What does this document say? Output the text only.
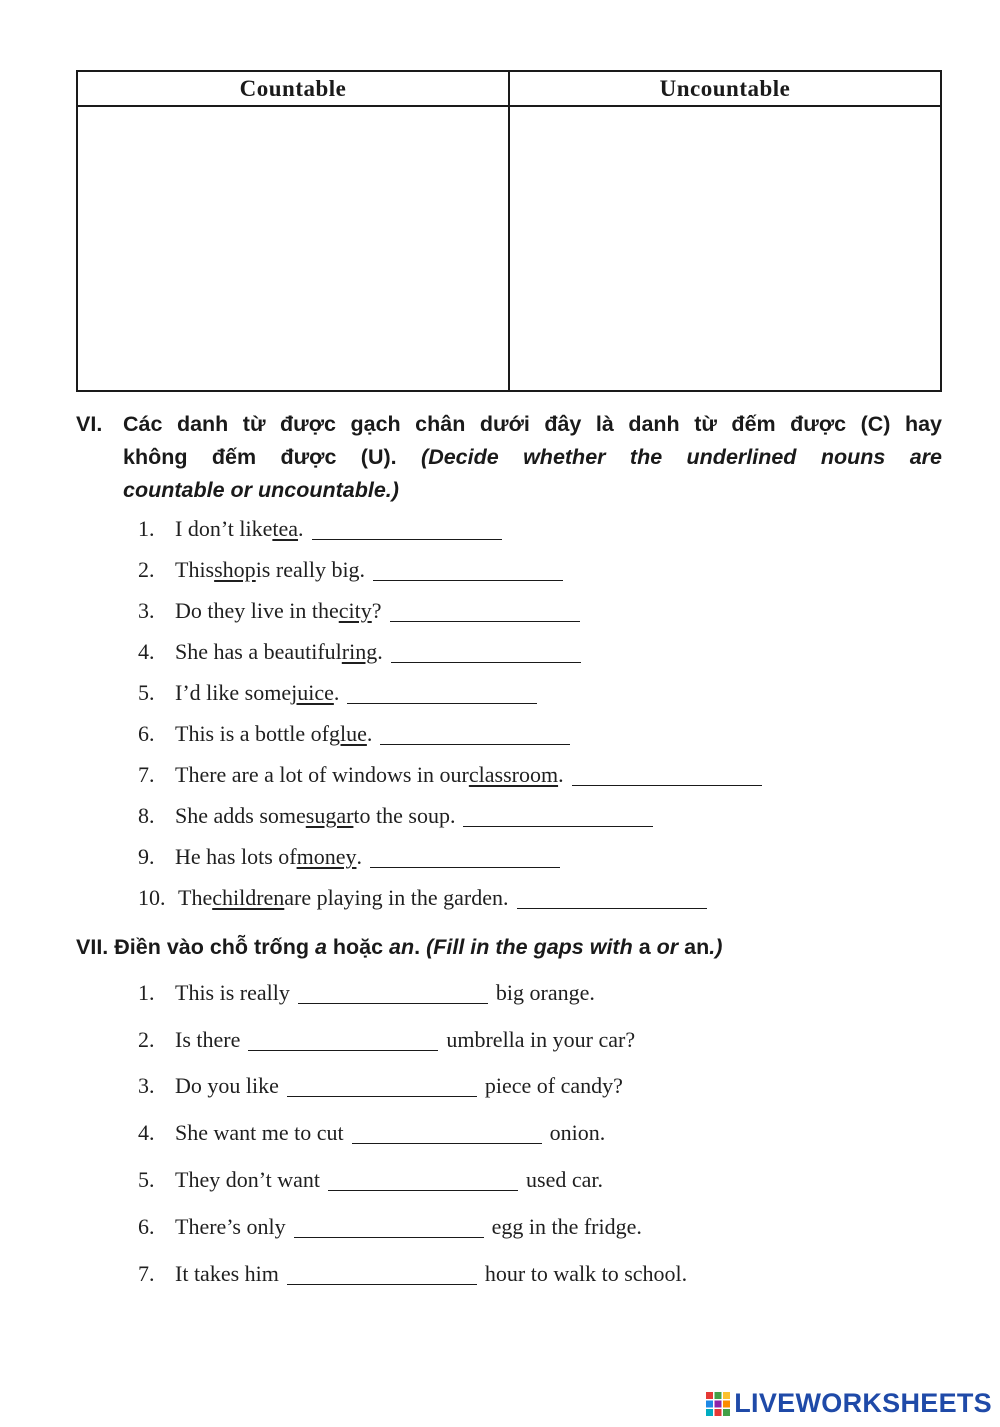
Countable	Uncountable
VI. Các danh từ được gạch chân dưới đây là danh từ đếm được (C) hay
không đếm được (U). (Decide whether the underlined nouns are
countable or uncountable.)
1. I don’t like tea .
2. This shop is really big.
3. Do they live in the city ?
4. She has a beautiful ring .
5. I’d like some juice .
6. This is a bottle of glue .
7. There are a lot of windows in our classroom .
8. She adds some sugar to the soup.
9. He has lots of money .
10. The children are playing in the garden.
VII. Điền vào chỗ trống a hoặc an. (Fill in the gaps with a or an.)
1. This is really	big orange.
2. Is there	umbrella in your car?
3. Do you like	piece of candy?
4. She want me to cut	onion.
5. They don’t want	used car.
6. There’s only	egg in the fridge.
7. It takes him	hour to walk to school.
LIVEWORKSHEETS
